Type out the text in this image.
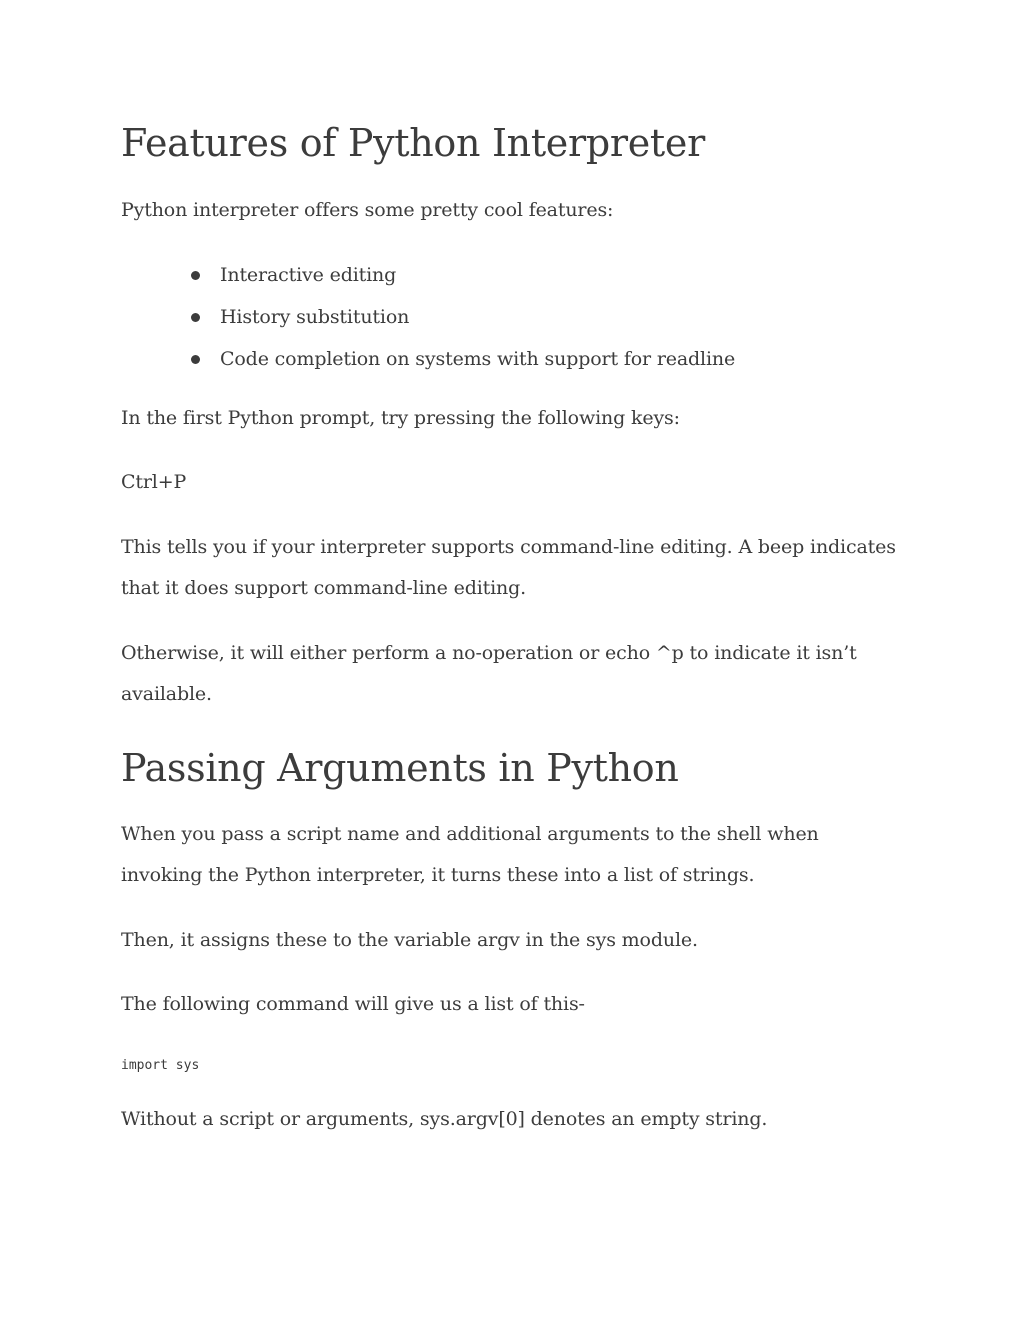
Features of Python Interpreter

Python interpreter offers some pretty cool features:

Interactive editing
History substitution
Code completion on systems with support for readline

In the first Python prompt, try pressing the following keys:

Ctrl+P

This tells you if your interpreter supports command-line editing. A beep indicates that it does support command-line editing.

Otherwise, it will either perform a no-operation or echo ^p to indicate it isn’t available.

Passing Arguments in Python

When you pass a script name and additional arguments to the shell when invoking the Python interpreter, it turns these into a list of strings.

Then, it assigns these to the variable argv in the sys module.

The following command will give us a list of this-

import sys

Without a script or arguments, sys.argv[0] denotes an empty string.
